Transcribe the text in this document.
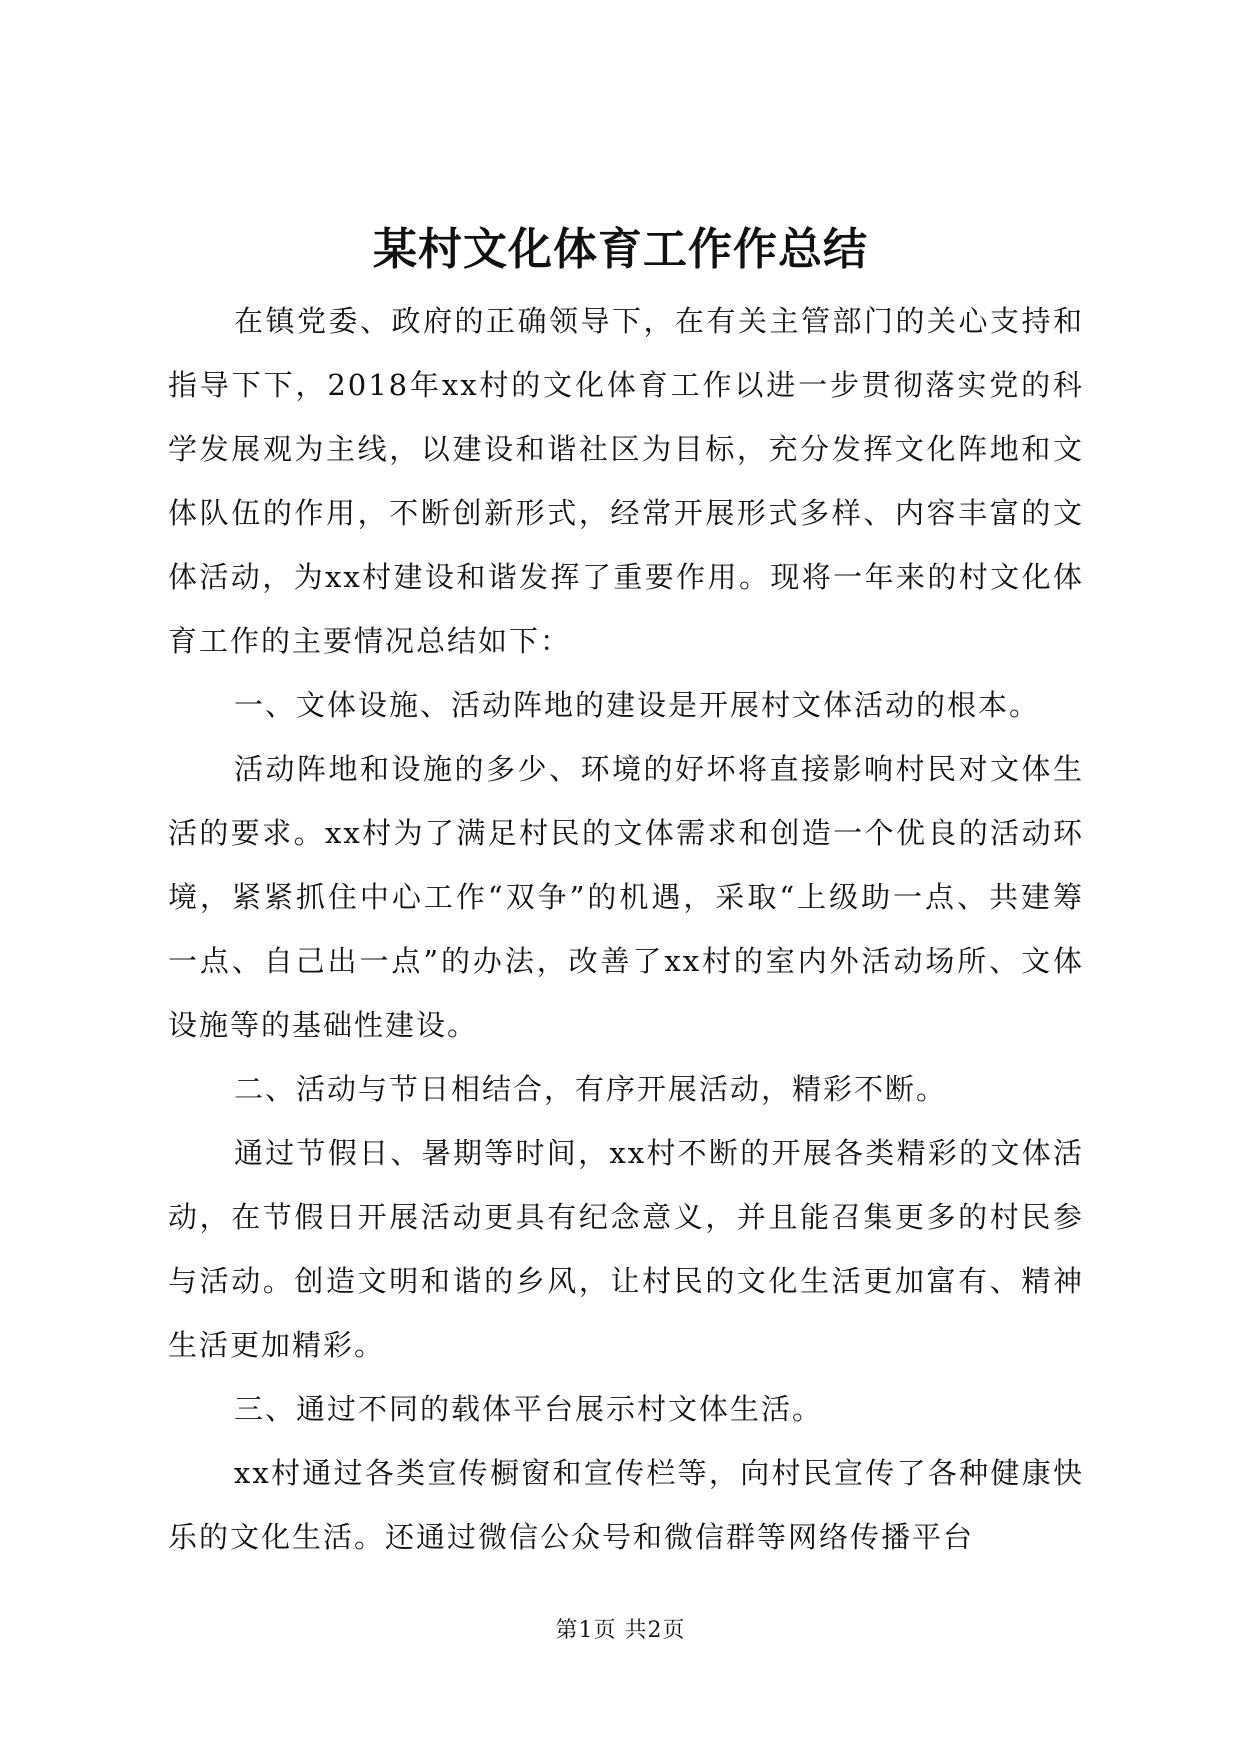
某村文化体育工作作总结

在镇党委、政府的正确领导下，在有关主管部门的关心支持和指导下下，2018年xx村的文化体育工作以进一步贯彻落实党的科学发展观为主线，以建设和谐社区为目标，充分发挥文化阵地和文体队伍的作用，不断创新形式，经常开展形式多样、内容丰富的文体活动，为xx村建设和谐发挥了重要作用。现将一年来的村文化体育工作的主要情况总结如下：

一、文体设施、活动阵地的建设是开展村文体活动的根本。

活动阵地和设施的多少、环境的好坏将直接影响村民对文体生活的要求。xx村为了满足村民的文体需求和创造一个优良的活动环境，紧紧抓住中心工作“双争”的机遇，采取“上级助一点、共建筹一点、自己出一点”的办法，改善了xx村的室内外活动场所、文体设施等的基础性建设。

二、活动与节日相结合，有序开展活动，精彩不断。

通过节假日、暑期等时间，xx村不断的开展各类精彩的文体活动，在节假日开展活动更具有纪念意义，并且能召集更多的村民参与活动。创造文明和谐的乡风，让村民的文化生活更加富有、精神生活更加精彩。

三、通过不同的载体平台展示村文体生活。

xx村通过各类宣传橱窗和宣传栏等，向村民宣传了各种健康快乐的文化生活。还通过微信公众号和微信群等网络传播平台

第1页 共2页
